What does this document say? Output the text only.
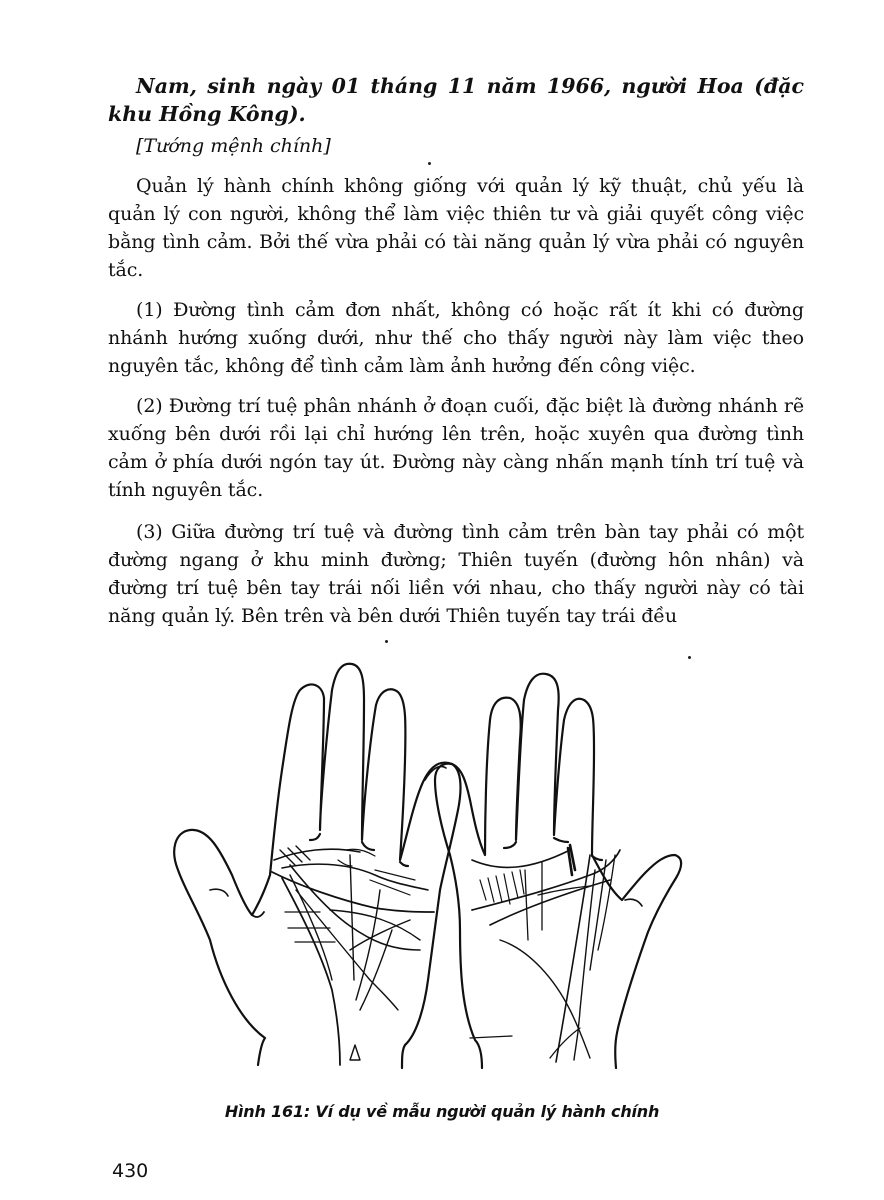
Nam, sinh ngày 01 tháng 11 năm 1966, người Hoa (đặc khu Hồng Kông).

[Tướng mệnh chính]

Quản lý hành chính không giống với quản lý kỹ thuật, chủ yếu là quản lý con người, không thể làm việc thiên tư và giải quyết công việc bằng tình cảm. Bởi thế vừa phải có tài năng quản lý vừa phải có nguyên tắc.

(1) Đường tình cảm đơn nhất, không có hoặc rất ít khi có đường nhánh hướng xuống dưới, như thế cho thấy người này làm việc theo nguyên tắc, không để tình cảm làm ảnh hưởng đến công việc.

(2) Đường trí tuệ phân nhánh ở đoạn cuối, đặc biệt là đường nhánh rẽ xuống bên dưới rồi lại chỉ hướng lên trên, hoặc xuyên qua đường tình cảm ở phía dưới ngón tay út. Đường này càng nhấn mạnh tính trí tuệ và tính nguyên tắc.

(3) Giữa đường trí tuệ và đường tình cảm trên bàn tay phải có một đường ngang ở khu minh đường; Thiên tuyến (đường hôn nhân) và đường trí tuệ bên tay trái nối liền với nhau, cho thấy người này có tài năng quản lý. Bên trên và bên dưới Thiên tuyến tay trái đều

Hình 161: Ví dụ về mẫu người quản lý hành chính
430
